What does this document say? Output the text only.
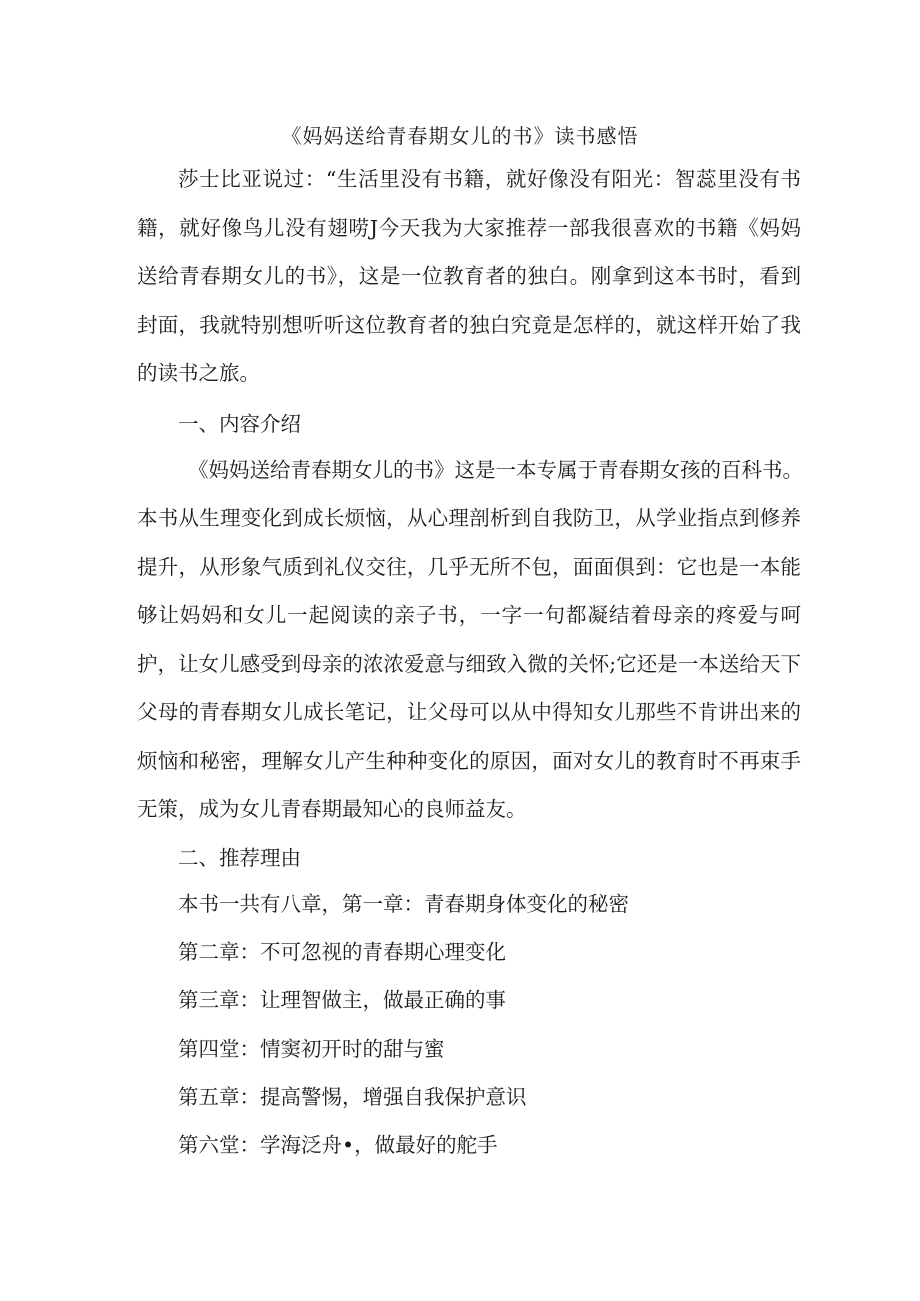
《妈妈送给青春期女儿的书》读书感悟

莎士比亚说过：“生活里没有书籍，就好像没有阳光：智蕊里没有书籍，就好像鸟儿没有翅唠J今天我为大家推荐一部我很喜欢的书籍《妈妈送给青春期女儿的书》，这是一位教育者的独白。刚拿到这本书时，看到封面，我就特别想听听这位教育者的独白究竟是怎样的，就这样开始了我的读书之旅。

一、内容介绍
《妈妈送给青春期女儿的书》这是一本专属于青春期女孩的百科书。

本书从生理变化到成长烦恼，从心理剖析到自我防卫，从学业指点到修养提升，从形象气质到礼仪交往，几乎无所不包，面面俱到：它也是一本能够让妈妈和女儿一起阅读的亲子书，一字一句都凝结着母亲的疼爱与呵护，让女儿感受到母亲的浓浓爱意与细致入微的关怀;它还是一本送给天下父母的青春期女儿成长笔记，让父母可以从中得知女儿那些不肯讲出来的烦恼和秘密，理解女儿产生种种变化的原因，面对女儿的教育时不再束手无策，成为女儿青春期最知心的良师益友。

二、推荐理由
本书一共有八章，第一章：青春期身体变化的秘密
第二章：不可忽视的青春期心理变化
第三章：让理智做主，做最正确的事
第四堂：情窦初开时的甜与蜜
第五章：提高警惕，增强自我保护意识
第六堂：学海泛舟•，做最好的舵手
